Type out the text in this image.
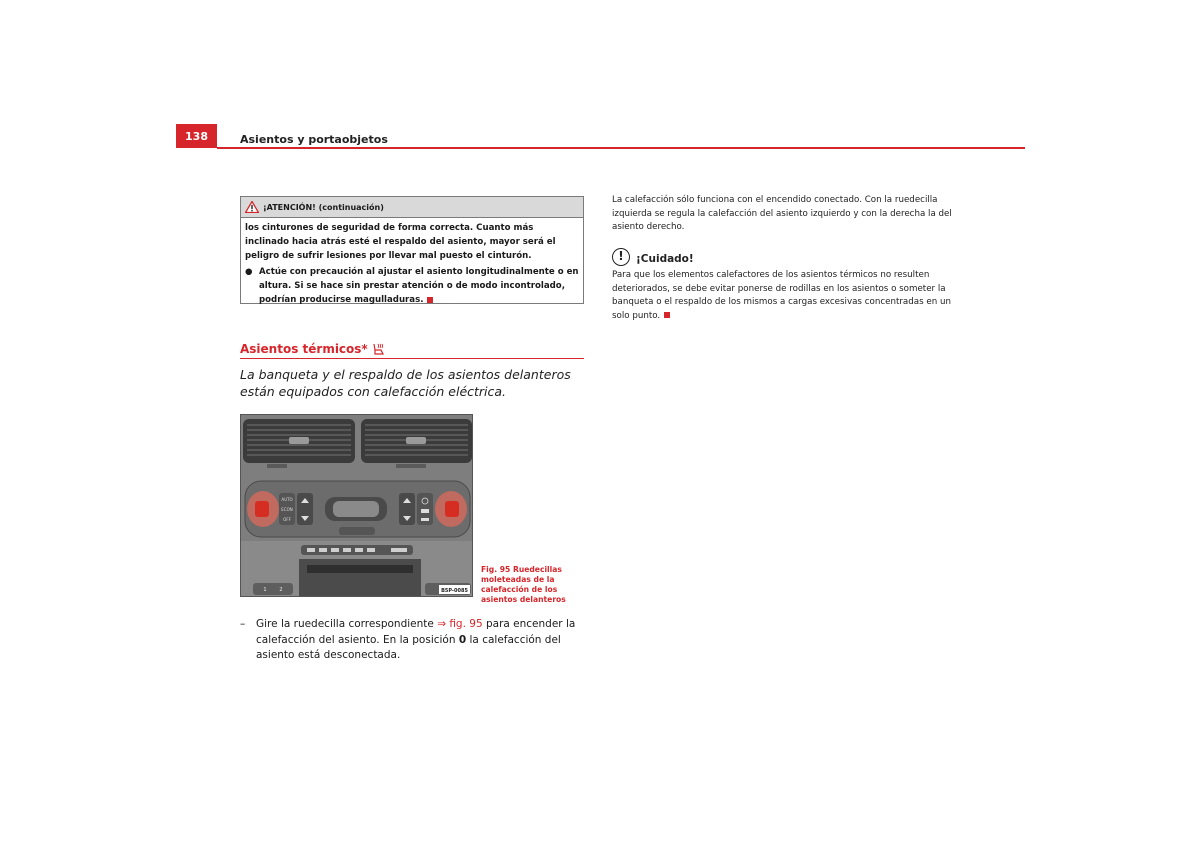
138	Asientos y portaobjetos
¡ATENCIÓN! (continuación)

los cinturones de seguridad de forma correcta. Cuanto más inclinado hacia atrás esté el respaldo del asiento, mayor será el peligro de sufrir lesiones por llevar mal puesto el cinturón.

● Actúe con precaución al ajustar el asiento longitudinalmente o en altura. Si se hace sin prestar atención o de modo incontrolado, podrían producirse magulladuras.
Asientos térmicos*
La banqueta y el respaldo de los asientos delanteros están equipados con calefacción eléctrica.
AUTO
ECON
OFF
1	2	B5P-0085
Fig. 95 Ruedecillas moleteadas de la calefacción de los asientos delanteros
–	Gire la ruedecilla correspondiente ⇒ fig. 95 para encender la calefacción del asiento. En la posición 0 la calefacción del asiento está desconectada.

La calefacción sólo funciona con el encendido conectado. Con la ruedecilla izquierda se regula la calefacción del asiento izquierdo y con la derecha la del asiento derecho.

!	¡Cuidado!

Para que los elementos calefactores de los asientos térmicos no resulten deteriorados, se debe evitar ponerse de rodillas en los asientos o someter la banqueta o el respaldo de los mismos a cargas excesivas concentradas en un solo punto.
